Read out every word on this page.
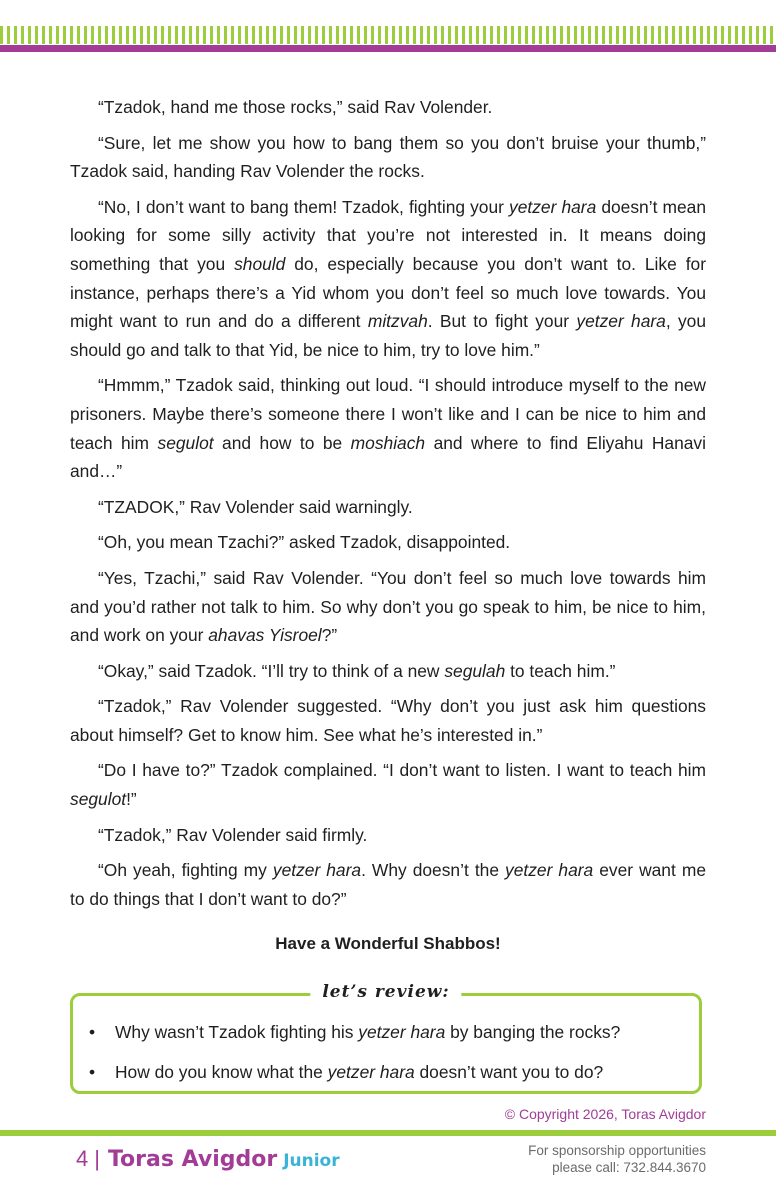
“Tzadok, hand me those rocks,” said Rav Volender.

“Sure, let me show you how to bang them so you don’t bruise your thumb,” Tzadok said, handing Rav Volender the rocks.

“No, I don’t want to bang them! Tzadok, fighting your yetzer hara doesn’t mean looking for some silly activity that you’re not interested in. It means doing something that you should do, especially because you don’t want to. Like for instance, perhaps there’s a Yid whom you don’t feel so much love towards. You might want to run and do a different mitzvah. But to fight your yetzer hara, you should go and talk to that Yid, be nice to him, try to love him.”

“Hmmm,” Tzadok said, thinking out loud. “I should introduce myself to the new prisoners. Maybe there’s someone there I won’t like and I can be nice to him and teach him segulot and how to be moshiach and where to find Eliyahu Hanavi and…”

“TZADOK,” Rav Volender said warningly.

“Oh, you mean Tzachi?” asked Tzadok, disappointed.

“Yes, Tzachi,” said Rav Volender. “You don’t feel so much love towards him and you’d rather not talk to him. So why don’t you go speak to him, be nice to him, and work on your ahavas Yisroel?”

“Okay,” said Tzadok. “I’ll try to think of a new segulah to teach him.”

“Tzadok,” Rav Volender suggested. “Why don’t you just ask him questions about himself? Get to know him. See what he’s interested in.”

“Do I have to?” Tzadok complained. “I don’t want to listen. I want to teach him segulot!”

“Tzadok,” Rav Volender said firmly.

“Oh yeah, fighting my yetzer hara. Why doesn’t the yetzer hara ever want me to do things that I don’t want to do?”

Have a Wonderful Shabbos!
let’s review:
• Why wasn’t Tzadok fighting his yetzer hara by banging the rocks?
• How do you know what the yetzer hara doesn’t want you to do?
© Copyright 2026, Toras Avigdor
4 | Toras Avigdor Junior
For sponsorship opportunities
please call: 732.844.3670
